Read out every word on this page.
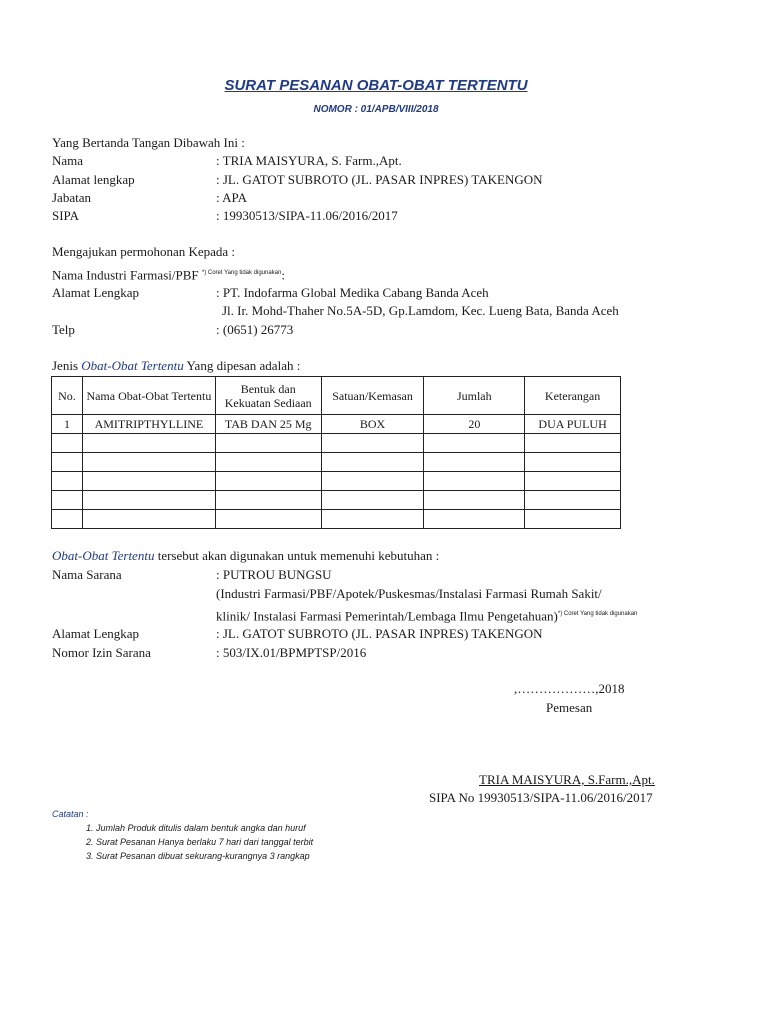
SURAT PESANAN OBAT-OBAT TERTENTU
NOMOR : 01/APB/VIII/2018
Yang Bertanda Tangan Dibawah Ini :
Nama	: TRIA MAISYURA, S. Farm.,Apt.
Alamat lengkap	: JL. GATOT SUBROTO (JL. PASAR INPRES) TAKENGON
Jabatan	: APA
SIPA	: 19930513/SIPA-11.06/2016/2017
Mengajukan permohonan Kepada :
Nama Industri Farmasi/PBF $^{*) Coret Yang tidak digunakan}$:
Alamat Lengkap	: PT. Indofarma Global Medika Cabang Banda Aceh
Jl. Ir. Mohd-Thaher No.5A-5D, Gp.Lamdom, Kec. Lueng Bata, Banda Aceh
Telp	: (0651) 26773
Jenis Obat-Obat Tertentu Yang dipesan adalah :
No.	Nama Obat-Obat Tertentu	Bentuk dan Kekuatan Sediaan	Satuan/Kemasan	Jumlah	Keterangan
1	AMITRIPTHYLLINE	TAB DAN 25 Mg	BOX	20	DUA PULUH

Obat-Obat Tertentu tersebut akan digunakan untuk memenuhi kebutuhan :
Nama Sarana	: PUTROU BUNGSU
(Industri Farmasi/PBF/Apotek/Puskesmas/Instalasi Farmasi Rumah Sakit/
klinik/ Instalasi Farmasi Pemerintah/Lembaga Ilmu Pengetahuan)$^{*) Coret Yang tidak digunakan}$
Alamat Lengkap	: JL. GATOT SUBROTO (JL. PASAR INPRES) TAKENGON
Nomor Izin Sarana	: 503/IX.01/BPMPTSP/2016
,………………,2018
Pemesan
TRIA MAISYURA, S.Farm.,Apt.
SIPA No 19930513/SIPA-11.06/2016/2017
Catatan :
1. Jumlah Produk ditulis dalam bentuk angka dan huruf
2. Surat Pesanan Hanya berlaku 7 hari dari tanggal terbit
3. Surat Pesanan dibuat sekurang-kurangnya 3 rangkap
